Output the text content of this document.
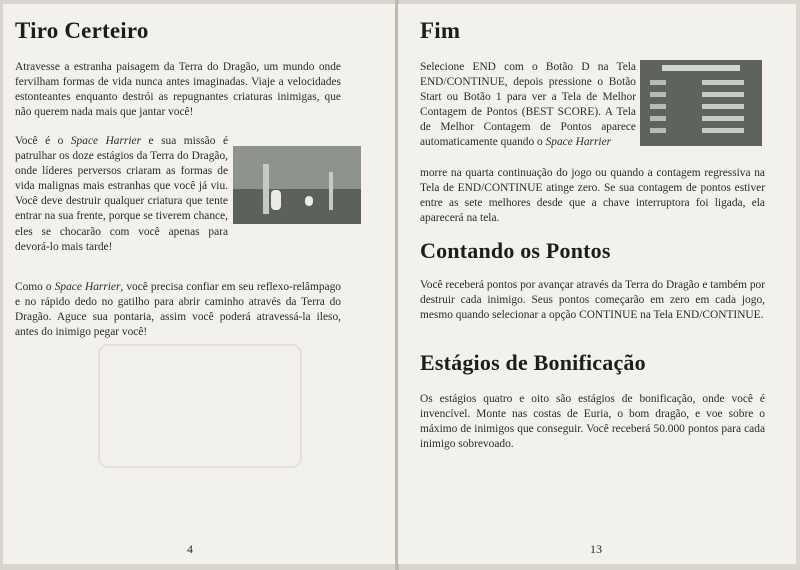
Tiro Certeiro

Atravesse a estranha paisagem da Terra do Dragão, um mundo onde fervilham formas de vida nunca antes imaginadas. Viaje a velocidades estonteantes enquanto destrói as repugnantes criaturas inimigas, que não querem nada mais que jantar você!

Você é o Space Harrier e sua missão é patrulhar os doze estágios da Terra do Dragão, onde líderes perversos criaram as formas de vida malignas mais estranhas que você já viu. Você deve destruir qualquer criatura que tente entrar na sua frente, porque se tiverem chance, eles se chocarão com você apenas para devorá-lo mais tarde!

Como o Space Harrier, você precisa confiar em seu reflexo-relâmpago e no rápido dedo no gatilho para abrir caminho através da Terra do Dragão. Aguce sua pontaria, assim você poderá atravessá-la ileso, antes do inimigo pegar você!

4
Fim

Selecione END com o Botão D na Tela END/CONTINUE, depois pressione o Botão Start ou Botão 1 para ver a Tela de Melhor Contagem de Pontos (BEST SCORE). A Tela de Melhor Contagem de Pontos aparece automaticamente quando o Space Harrier

morre na quarta continuação do jogo ou quando a contagem regressiva na Tela de END/CONTINUE atinge zero. Se sua contagem de pontos estiver entre as sete melhores desde que a chave interruptora foi ligada, ela aparecerá na tela.

Contando os Pontos

Você receberá pontos por avançar através da Terra do Dragão e também por destruir cada inimigo. Seus pontos começarão em zero em cada jogo, mesmo quando selecionar a opção CONTINUE na Tela END/CONTINUE.

Estágios de Bonificação

Os estágios quatro e oito são estágios de bonificação, onde você é invencível. Monte nas costas de Euria, o bom dragão, e voe sobre o máximo de inimigos que conseguir. Você receberá 50.000 pontos para cada inimigo sobrevoado.

13
